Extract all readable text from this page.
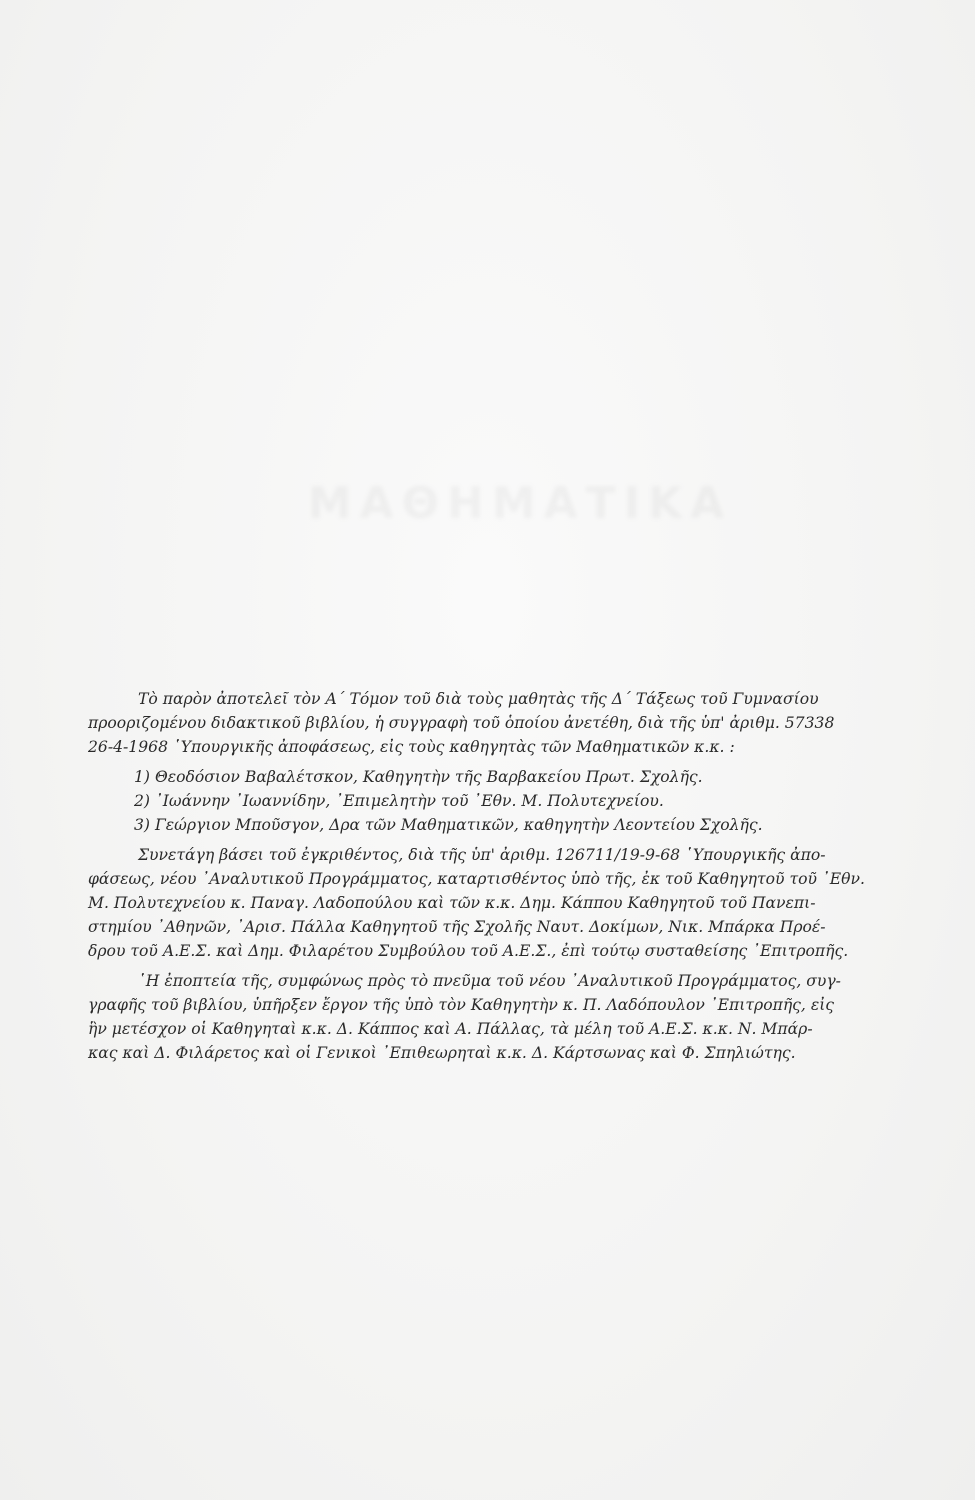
ΜΑΘΗΜΑΤΙΚΑ

Τὸ παρὸν ἀποτελεῖ τὸν Α΄ Τόμον τοῦ διὰ τοὺς μαθητὰς τῆς Δ΄ Τάξεως τοῦ Γυμνασίου

προοριζομένου διδακτικοῦ βιβλίου, ἡ συγγραφὴ τοῦ ὁποίου ἀνετέθη, διὰ τῆς ὑπ' ἀριθμ. 57338

26-4-1968 ῾Υπουργικῆς ἀποφάσεως, εἰς τοὺς καθηγητὰς τῶν Μαθηματικῶν κ.κ. :

1) Θεοδόσιον Βαβαλέτσκον, Καθηγητὴν τῆς Βαρβακείου Πρωτ. Σχολῆς.

2) ᾿Ιωάννην ᾿Ιωαννίδην, ᾿Επιμελητὴν τοῦ ᾿Εθν. Μ. Πολυτεχνείου.

3) Γεώργιον Μποῦσγον, Δρα τῶν Μαθηματικῶν, καθηγητὴν Λεοντείου Σχολῆς.

Συνετάγη βάσει τοῦ ἐγκριθέντος, διὰ τῆς ὑπ' ἀριθμ. 126711/19-9-68 ῾Υπουργικῆς ἀπο-

φάσεως, νέου ᾿Αναλυτικοῦ Προγράμματος, καταρτισθέντος ὑπὸ τῆς, ἐκ τοῦ Καθηγητοῦ τοῦ ᾿Εθν.

Μ. Πολυτεχνείου κ. Παναγ. Λαδοπούλου καὶ τῶν κ.κ. Δημ. Κάππου Καθηγητοῦ τοῦ Πανεπι-

στημίου ᾿Αθηνῶν, ᾿Αρισ. Πάλλα Καθηγητοῦ τῆς Σχολῆς Ναυτ. Δοκίμων, Νικ. Μπάρκα Προέ-

δρου τοῦ Α.Ε.Σ. καὶ Δημ. Φιλαρέτου Συμβούλου τοῦ Α.Ε.Σ., ἐπὶ τούτῳ συσταθείσης ᾿Επιτροπῆς.

῾Η ἐποπτεία τῆς, συμφώνως πρὸς τὸ πνεῦμα τοῦ νέου ᾿Αναλυτικοῦ Προγράμματος, συγ-

γραφῆς τοῦ βιβλίου, ὑπῆρξεν ἔργον τῆς ὑπὸ τὸν Καθηγητὴν κ. Π. Λαδόπουλον ᾿Επιτροπῆς, εἰς

ἣν μετέσχον οἱ Καθηγηταὶ κ.κ. Δ. Κάππος καὶ Α. Πάλλας, τὰ μέλη τοῦ Α.Ε.Σ. κ.κ. Ν. Μπάρ-

κας καὶ Δ. Φιλάρετος καὶ οἱ Γενικοὶ ᾿Επιθεωρηταὶ κ.κ. Δ. Κάρτσωνας καὶ Φ. Σπηλιώτης.
